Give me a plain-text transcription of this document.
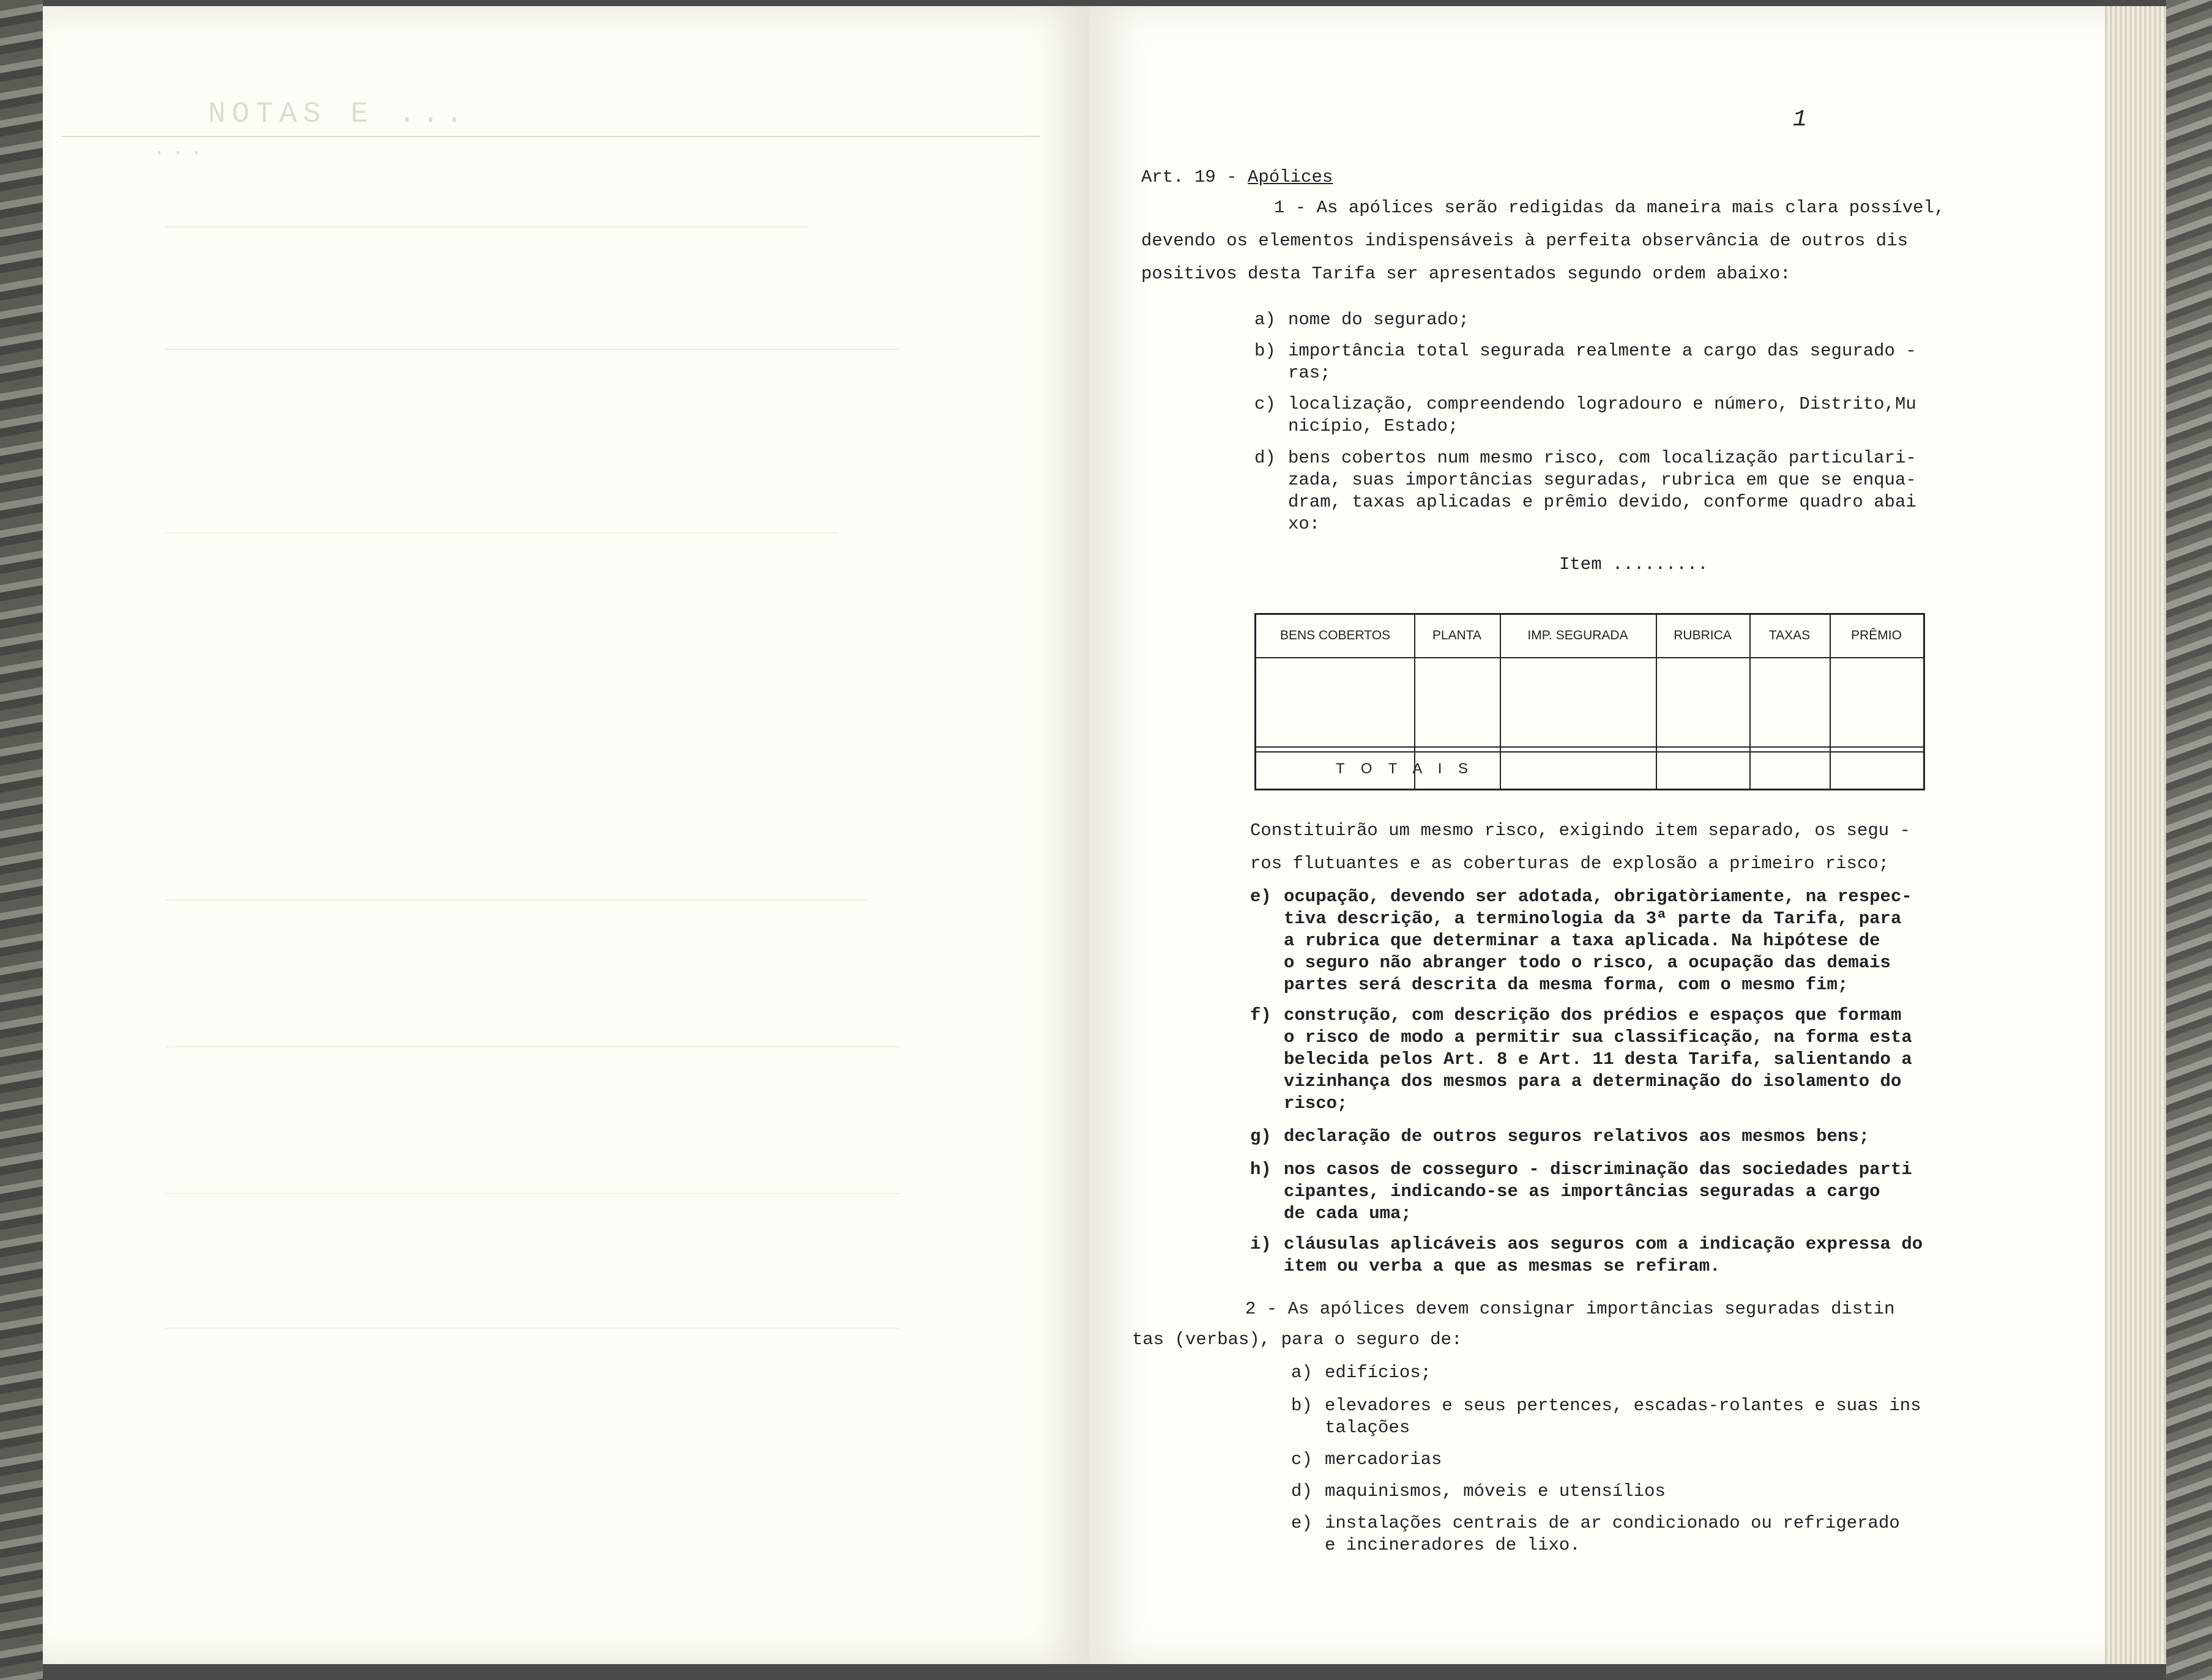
NOTAS E ...
...
1
Art. 19 - Apólices
1 - As apólices serão redigidas da maneira mais clara possível,
devendo os elementos indispensáveis à perfeita observância de outros dis
positivos desta Tarifa ser apresentados segundo ordem abaixo:
a) nome do segurado;
b) importância total segurada realmente a cargo das segurado -
ras;
c) localização, compreendendo logradouro e número, Distrito,Mu
nicípio, Estado;
d) bens cobertos num mesmo risco, com localização particulari-
zada, suas importâncias seguradas, rubrica em que se enqua-
dram, taxas aplicadas e prêmio devido, conforme quadro abai
xo:
Item .........
BENS COBERTOS	PLANTA	IMP. SEGURADA	RUBRICA	TAXAS	PRÊMIO
T O T A I S
Constituirão um mesmo risco, exigindo item separado, os segu -
ros flutuantes e as coberturas de explosão a primeiro risco;
e) ocupação, devendo ser adotada, obrigatòriamente, na respec-
tiva descrição, a terminologia da 3ª parte da Tarifa, para
a rubrica que determinar a taxa aplicada. Na hipótese de
o seguro não abranger todo o risco, a ocupação das demais
partes será descrita da mesma forma, com o mesmo fim;
f) construção, com descrição dos prédios e espaços que formam
o risco de modo a permitir sua classificação, na forma esta
belecida pelos Art. 8 e Art. 11 desta Tarifa, salientando a
vizinhança dos mesmos para a determinação do isolamento do
risco;
g) declaração de outros seguros relativos aos mesmos bens;
h) nos casos de cosseguro - discriminação das sociedades parti
cipantes, indicando-se as importâncias seguradas a cargo
de cada uma;
i) cláusulas aplicáveis aos seguros com a indicação expressa do
item ou verba a que as mesmas se refiram.
2 - As apólices devem consignar importâncias seguradas distin
tas (verbas), para o seguro de:
a) edifícios;
b) elevadores e seus pertences, escadas-rolantes e suas ins
talações
c) mercadorias
d) maquinismos, móveis e utensílios
e) instalações centrais de ar condicionado ou refrigerado
e incineradores de lixo.
